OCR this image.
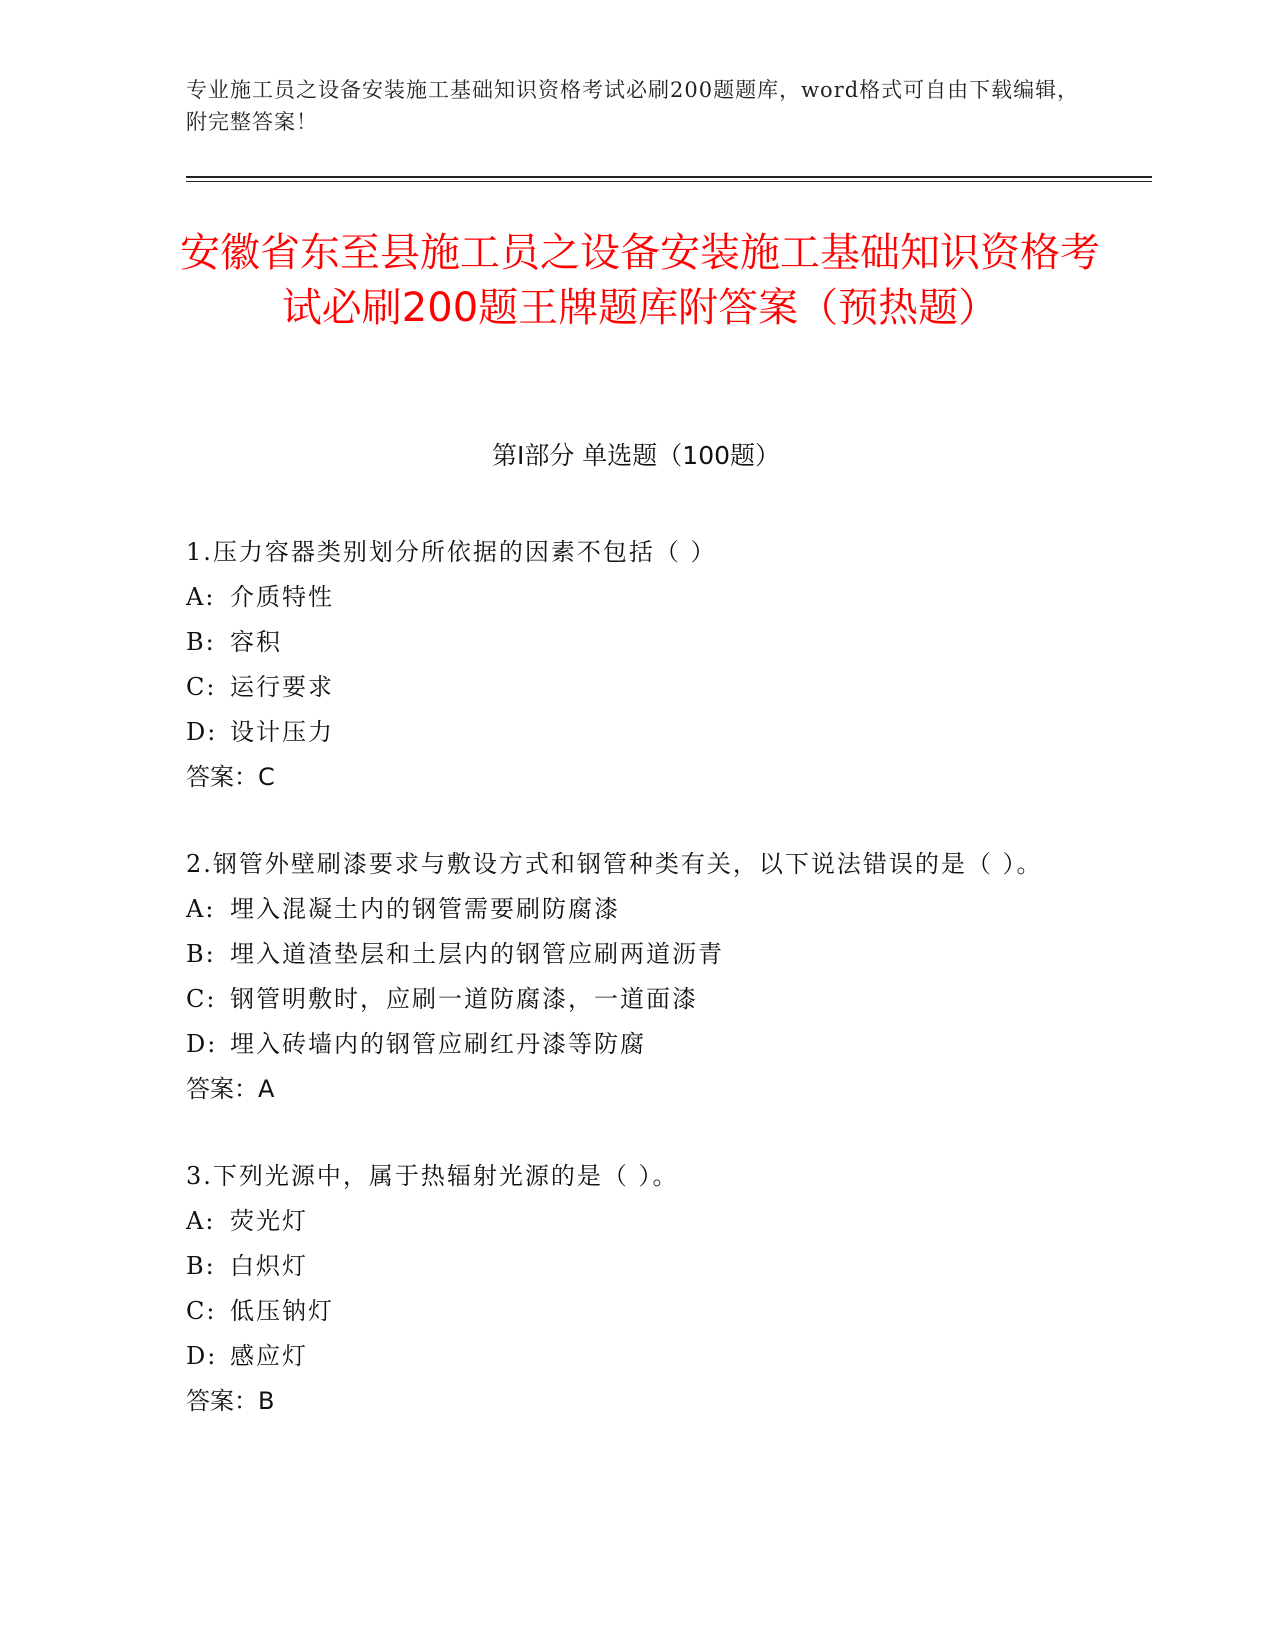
专业施工员之设备安装施工基础知识资格考试必刷200题题库，word格式可自由下载编辑，附完整答案！
安徽省东至县施工员之设备安装施工基础知识资格考试必刷200题王牌题库附答案（预热题）
第I部分 单选题（100题）

1.压力容器类别划分所依据的因素不包括（ ）

A: 介质特性

B: 容积

C: 运行要求

D: 设计压力

答案：C

2.钢管外壁刷漆要求与敷设方式和钢管种类有关，以下说法错误的是（ ）。

A: 埋入混凝土内的钢管需要刷防腐漆

B: 埋入道渣垫层和土层内的钢管应刷两道沥青

C: 钢管明敷时，应刷一道防腐漆，一道面漆

D: 埋入砖墙内的钢管应刷红丹漆等防腐

答案：A

3.下列光源中，属于热辐射光源的是（ ）。

A: 荧光灯

B: 白炽灯

C: 低压钠灯

D: 感应灯

答案：B
